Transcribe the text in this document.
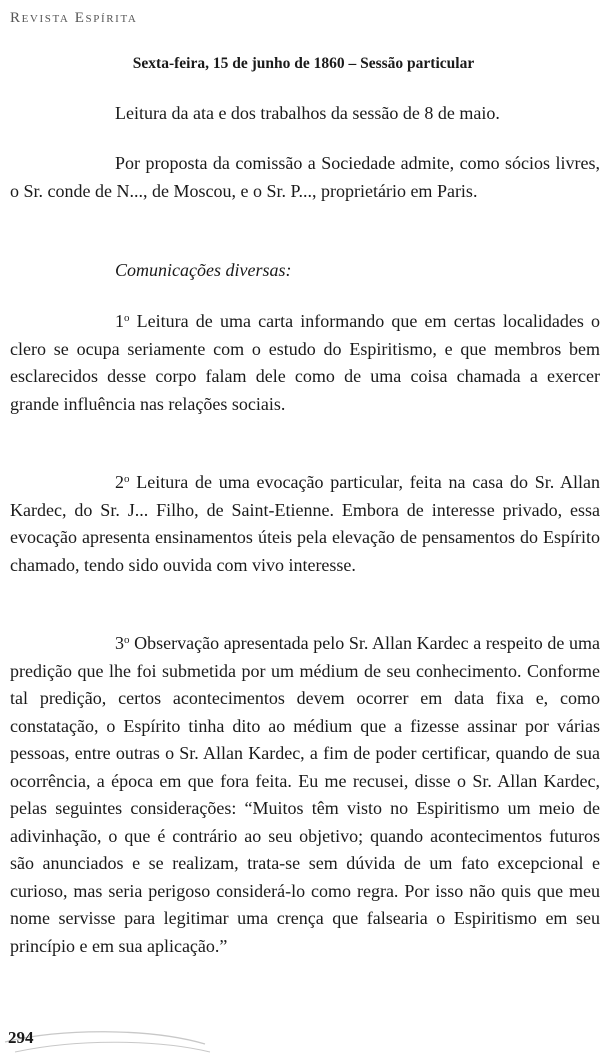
Revista Espírita
Sexta-feira, 15 de junho de 1860 – Sessão particular

Leitura da ata e dos trabalhos da sessão de 8 de maio.

Por proposta da comissão a Sociedade admite, como sócios livres, o Sr. conde de N..., de Moscou, e o Sr. P..., proprietário em Paris.

Comunicações diversas:

1$^o$ Leitura de uma carta informando que em certas localidades o clero se ocupa seriamente com o estudo do Espiritismo, e que membros bem esclarecidos desse corpo falam dele como de uma coisa chamada a exercer grande influência nas relações sociais.

2$^o$ Leitura de uma evocação particular, feita na casa do Sr. Allan Kardec, do Sr. J... Filho, de Saint-Etienne. Embora de interesse privado, essa evocação apresenta ensinamentos úteis pela elevação de pensamentos do Espírito chamado, tendo sido ouvida com vivo interesse.

3$^o$ Observação apresentada pelo Sr. Allan Kardec a respeito de uma predição que lhe foi submetida por um médium de seu conhecimento. Conforme tal predição, certos acontecimentos devem ocorrer em data fixa e, como constatação, o Espírito tinha dito ao médium que a fizesse assinar por várias pessoas, entre outras o Sr. Allan Kardec, a fim de poder certificar, quando de sua ocorrência, a época em que fora feita. Eu me recusei, disse o Sr. Allan Kardec, pelas seguintes considerações: “Muitos têm visto no Espiritismo um meio de adivinhação, o que é contrário ao seu objetivo; quando acontecimentos futuros são anunciados e se realizam, trata-se sem dúvida de um fato excepcional e curioso, mas seria perigoso considerá-lo como regra. Por isso não quis que meu nome servisse para legitimar uma crença que falsearia o Espiritismo em seu princípio e em sua aplicação.”

294
